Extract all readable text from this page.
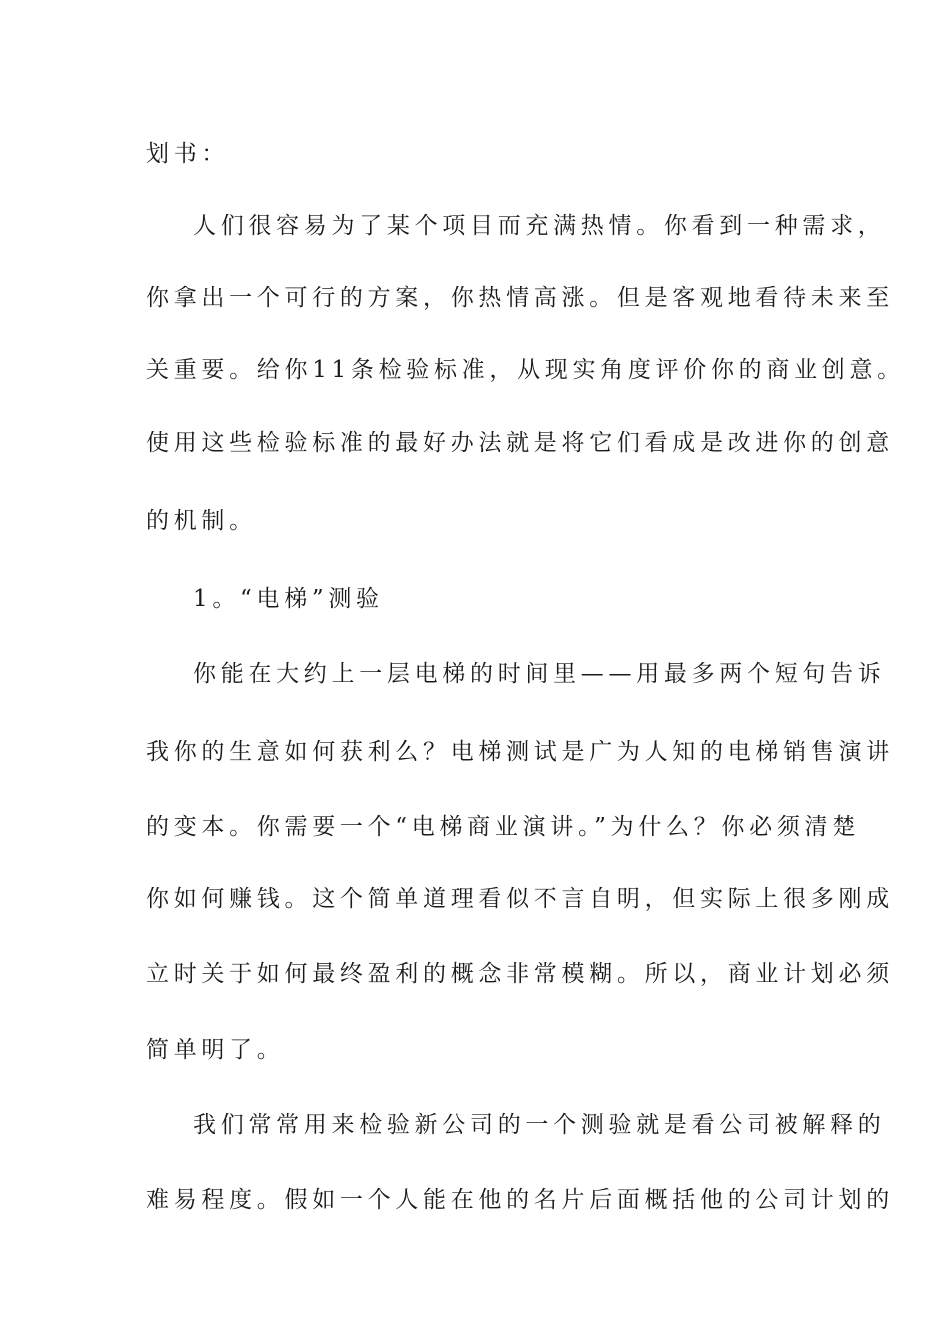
划书：
人们很容易为了某个项目而充满热情。你看到一种需求，
你拿出一个可行的方案，你热情高涨。但是客观地看待未来至
关重要。给你11条检验标准，从现实角度评价你的商业创意。
使用这些检验标准的最好办法就是将它们看成是改进你的创意
的机制。
1。“电梯”测验
你能在大约上一层电梯的时间里——用最多两个短句告诉
我你的生意如何获利么？电梯测试是广为人知的电梯销售演讲
的变本。你需要一个“电梯商业演讲。”为什么？你必须清楚
你如何赚钱。这个简单道理看似不言自明，但实际上很多刚成
立时关于如何最终盈利的概念非常模糊。所以，商业计划必须
简单明了。
我们常常用来检验新公司的一个测验就是看公司被解释的
难易程度。假如一个人能在他的名片后面概括他的公司计划的
